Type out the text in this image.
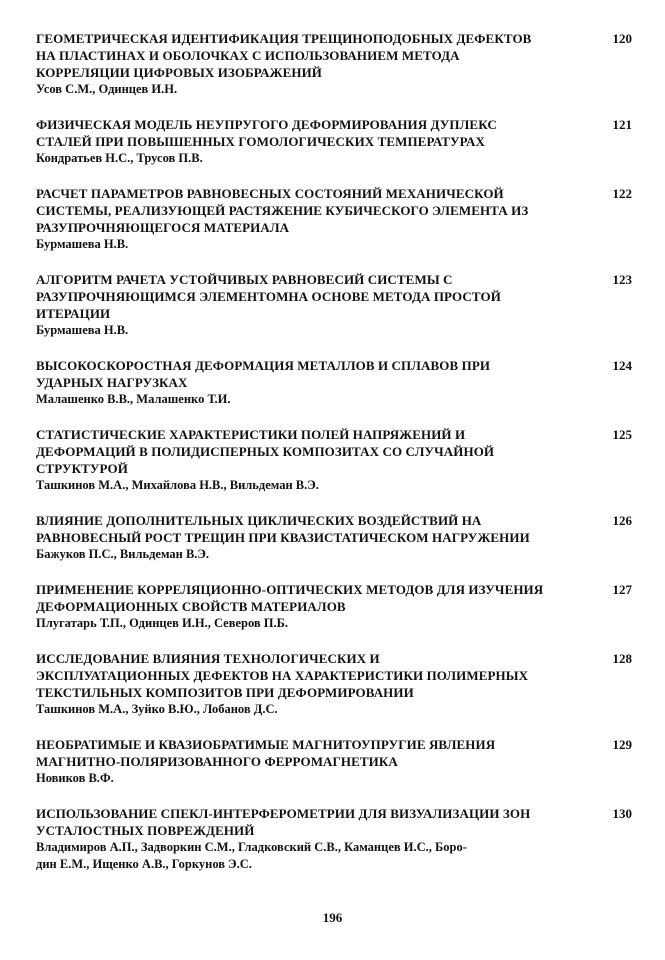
ГЕОМЕТРИЧЕСКАЯ ИДЕНТИФИКАЦИЯ ТРЕЩИНОПОДОБНЫХ ДЕФЕКТОВ
НА ПЛАСТИНАХ И ОБОЛОЧКАХ С ИСПОЛЬЗОВАНИЕМ МЕТОДА
КОРРЕЛЯЦИИ ЦИФРОВЫХ ИЗОБРАЖЕНИЙ

120

Усов С.М., Одинцев И.Н.

ФИЗИЧЕСКАЯ МОДЕЛЬ НЕУПРУГОГО ДЕФОРМИРОВАНИЯ ДУПЛЕКС
СТАЛЕЙ ПРИ ПОВЫШЕННЫХ ГОМОЛОГИЧЕСКИХ ТЕМПЕРАТУРАХ

121

Кондратьев Н.С., Трусов П.В.

РАСЧЕТ ПАРАМЕТРОВ РАВНОВЕСНЫХ СОСТОЯНИЙ МЕХАНИЧЕСКОЙ
СИСТЕМЫ, РЕАЛИЗУЮЩЕЙ РАСТЯЖЕНИЕ КУБИЧЕСКОГО ЭЛЕМЕНТА ИЗ
РАЗУПРОЧНЯЮЩЕГОСЯ МАТЕРИАЛА

122

Бурмашева Н.В.

АЛГОРИТМ РАЧЕТА УСТОЙЧИВЫХ РАВНОВЕСИЙ СИСТЕМЫ С
РАЗУПРОЧНЯЮЩИМСЯ ЭЛЕМЕНТОМНА ОСНОВЕ МЕТОДА ПРОСТОЙ
ИТЕРАЦИИ

123

Бурмашева Н.В.

ВЫСОКОСКОРОСТНАЯ ДЕФОРМАЦИЯ МЕТАЛЛОВ И СПЛАВОВ ПРИ
УДАРНЫХ НАГРУЗКАХ

124

Малашенко В.В., Малашенко Т.И.

СТАТИСТИЧЕСКИЕ ХАРАКТЕРИСТИКИ ПОЛЕЙ НАПРЯЖЕНИЙ И
ДЕФОРМАЦИЙ В ПОЛИДИСПЕРНЫХ КОМПОЗИТАХ СО СЛУЧАЙНОЙ
СТРУКТУРОЙ

125

Ташкинов М.А., Михайлова Н.В., Вильдеман В.Э.

ВЛИЯНИЕ ДОПОЛНИТЕЛЬНЫХ ЦИКЛИЧЕСКИХ ВОЗДЕЙСТВИЙ НА
РАВНОВЕСНЫЙ РОСТ ТРЕЩИН ПРИ КВАЗИСТАТИЧЕСКОМ НАГРУЖЕНИИ

126

Бажуков П.С., Вильдеман В.Э.

ПРИМЕНЕНИЕ КОРРЕЛЯЦИОННО-ОПТИЧЕСКИХ МЕТОДОВ ДЛЯ ИЗУЧЕНИЯ
ДЕФОРМАЦИОННЫХ СВОЙСТВ МАТЕРИАЛОВ

127

Плугатарь Т.П., Одинцев И.Н., Северов П.Б.

ИССЛЕДОВАНИЕ ВЛИЯНИЯ ТЕХНОЛОГИЧЕСКИХ И
ЭКСПЛУАТАЦИОННЫХ ДЕФЕКТОВ НА ХАРАКТЕРИСТИКИ ПОЛИМЕРНЫХ
ТЕКСТИЛЬНЫХ КОМПОЗИТОВ ПРИ ДЕФОРМИРОВАНИИ

128

Ташкинов М.А., Зуйко В.Ю., Лобанов Д.С.

НЕОБРАТИМЫЕ И КВАЗИОБРАТИМЫЕ МАГНИТОУПРУГИЕ ЯВЛЕНИЯ
МАГНИТНО-ПОЛЯРИЗОВАННОГО ФЕРРОМАГНЕТИКА

129

Новиков В.Ф.

ИСПОЛЬЗОВАНИЕ СПЕКЛ-ИНТЕРФЕРОМЕТРИИ ДЛЯ ВИЗУАЛИЗАЦИИ ЗОН
УСТАЛОСТНЫХ ПОВРЕЖДЕНИЙ

130

Владимиров А.П., Задворкин С.М., Гладковский С.В., Каманцев И.С., Боро-
дин Е.М., Ищенко А.В., Горкунов Э.С.

196
